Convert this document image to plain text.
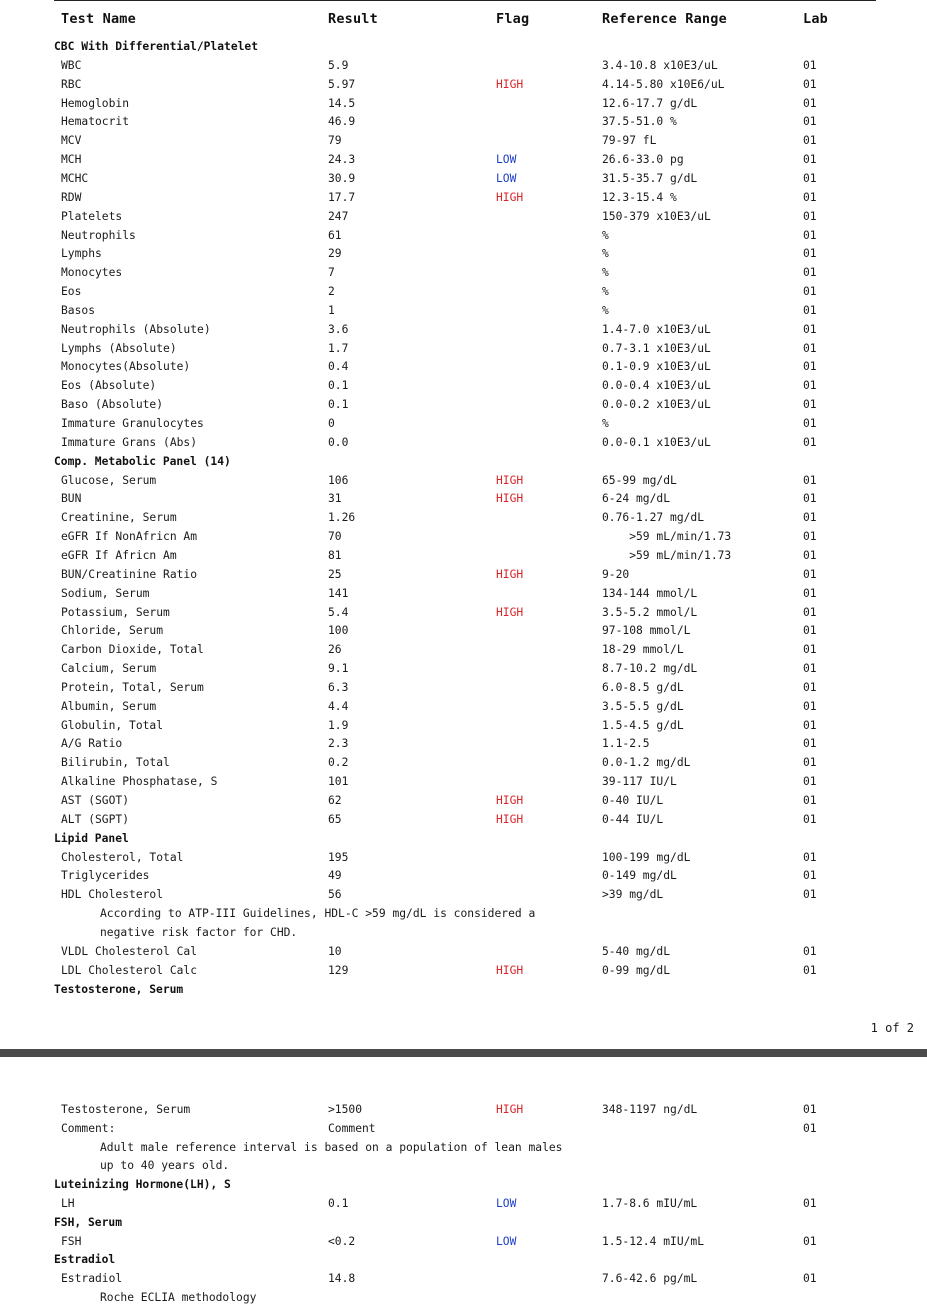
Test Name	Result	Flag	Reference Range	Lab
CBC With Differential/Platelet
WBC	5.9	3.4-10.8 x10E3/uL	01
RBC	5.97	HIGH	4.14-5.80 x10E6/uL	01
Hemoglobin	14.5	12.6-17.7 g/dL	01
Hematocrit	46.9	37.5-51.0 %	01
MCV	79	79-97 fL	01
MCH	24.3	LOW	26.6-33.0 pg	01
MCHC	30.9	LOW	31.5-35.7 g/dL	01
RDW	17.7	HIGH	12.3-15.4 %	01
Platelets	247	150-379 x10E3/uL	01
Neutrophils	61	%	01
Lymphs	29	%	01
Monocytes	7	%	01
Eos	2	%	01
Basos	1	%	01
Neutrophils (Absolute)	3.6	1.4-7.0 x10E3/uL	01
Lymphs (Absolute)	1.7	0.7-3.1 x10E3/uL	01
Monocytes(Absolute)	0.4	0.1-0.9 x10E3/uL	01
Eos (Absolute)	0.1	0.0-0.4 x10E3/uL	01
Baso (Absolute)	0.1	0.0-0.2 x10E3/uL	01
Immature Granulocytes	0	%	01
Immature Grans (Abs)	0.0	0.0-0.1 x10E3/uL	01
Comp. Metabolic Panel (14)
Glucose, Serum	106	HIGH	65-99 mg/dL	01
BUN	31	HIGH	6-24 mg/dL	01
Creatinine, Serum	1.26	0.76-1.27 mg/dL	01
eGFR If NonAfricn Am	70	>59 mL/min/1.73	01
eGFR If Africn Am	81	>59 mL/min/1.73	01
BUN/Creatinine Ratio	25	HIGH	9-20	01
Sodium, Serum	141	134-144 mmol/L	01
Potassium, Serum	5.4	HIGH	3.5-5.2 mmol/L	01
Chloride, Serum	100	97-108 mmol/L	01
Carbon Dioxide, Total	26	18-29 mmol/L	01
Calcium, Serum	9.1	8.7-10.2 mg/dL	01
Protein, Total, Serum	6.3	6.0-8.5 g/dL	01
Albumin, Serum	4.4	3.5-5.5 g/dL	01
Globulin, Total	1.9	1.5-4.5 g/dL	01
A/G Ratio	2.3	1.1-2.5	01
Bilirubin, Total	0.2	0.0-1.2 mg/dL	01
Alkaline Phosphatase, S	101	39-117 IU/L	01
AST (SGOT)	62	HIGH	0-40 IU/L	01
ALT (SGPT)	65	HIGH	0-44 IU/L	01
Lipid Panel
Cholesterol, Total	195	100-199 mg/dL	01
Triglycerides	49	0-149 mg/dL	01
HDL Cholesterol	56	>39 mg/dL	01
According to ATP-III Guidelines, HDL-C >59 mg/dL is considered a
negative risk factor for CHD.
VLDL Cholesterol Cal	10	5-40 mg/dL	01
LDL Cholesterol Calc	129	HIGH	0-99 mg/dL	01
Testosterone, Serum
1 of 2
Testosterone, Serum	>1500	HIGH	348-1197 ng/dL	01
Comment:	Comment	01
Adult male reference interval is based on a population of lean males
up to 40 years old.
Luteinizing Hormone(LH), S
LH	0.1	LOW	1.7-8.6 mIU/mL	01
FSH, Serum
FSH	<0.2	LOW	1.5-12.4 mIU/mL	01
Estradiol
Estradiol	14.8	7.6-42.6 pg/mL	01
Roche ECLIA methodology
